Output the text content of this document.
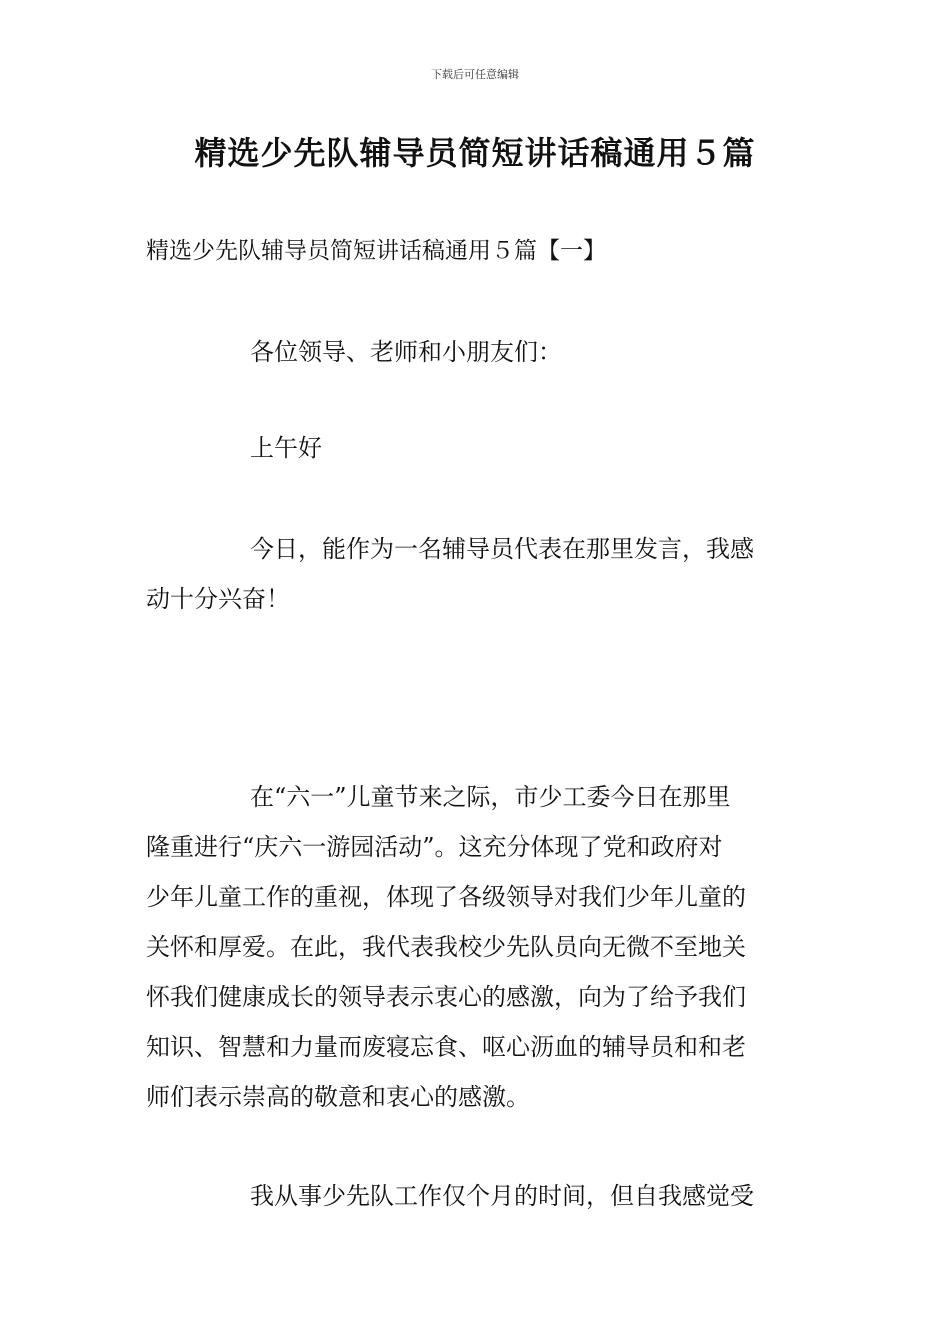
下载后可任意编辑
精选少先队辅导员简短讲话稿通用５篇
精选少先队辅导员简短讲话稿通用５篇【一】
各位领导、老师和小朋友们：
上午好
今日，能作为一名辅导员代表在那里发言，我感
动十分兴奋！
在“六一”儿童节来之际，市少工委今日在那里
隆重进行“庆六一游园活动”。这充分体现了党和政府对
少年儿童工作的重视，体现了各级领导对我们少年儿童的
关怀和厚爱。在此，我代表我校少先队员向无微不至地关
怀我们健康成长的领导表示衷心的感激，向为了给予我们
知识、智慧和力量而废寝忘食、呕心沥血的辅导员和和老
师们表示崇高的敬意和衷心的感激。
我从事少先队工作仅个月的时间，但自我感觉受
